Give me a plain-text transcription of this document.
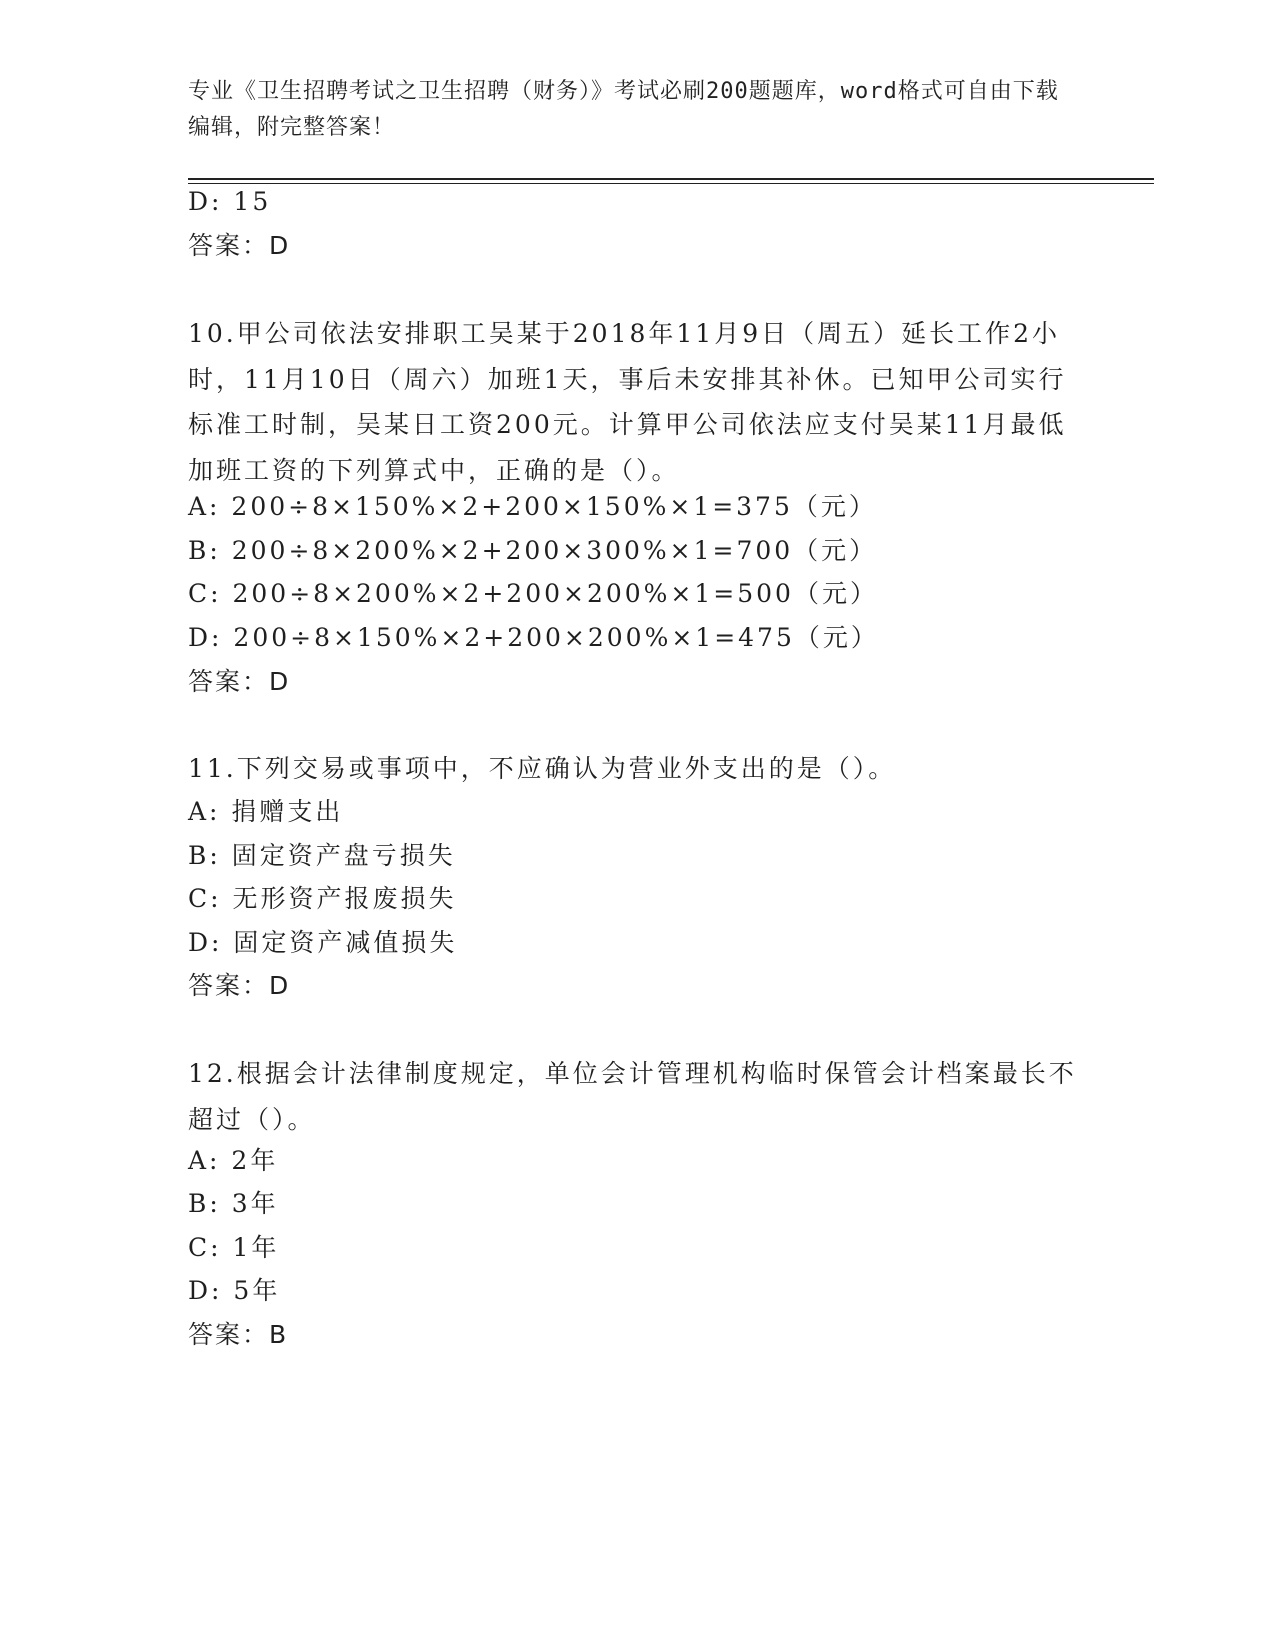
专业《卫生招聘考试之卫生招聘（财务）》考试必刷200题题库，word格式可自由下载编辑，附完整答案！
D: 15
答案：D
10.甲公司依法安排职工吴某于2018年11月9日（周五）延长工作2小时，11月10日（周六）加班1天，事后未安排其补休。已知甲公司实行标准工时制，吴某日工资200元。计算甲公司依法应支付吴某11月最低加班工资的下列算式中，正确的是（）。
A: 200÷8×150%×2+200×150%×1=375（元）
B: 200÷8×200%×2+200×300%×1=700（元）
C: 200÷8×200%×2+200×200%×1=500（元）
D: 200÷8×150%×2+200×200%×1=475（元）
答案：D
11.下列交易或事项中，不应确认为营业外支出的是（）。
A: 捐赠支出
B: 固定资产盘亏损失
C: 无形资产报废损失
D: 固定资产减值损失
答案：D
12.根据会计法律制度规定，单位会计管理机构临时保管会计档案最长不超过（）。
A: 2年
B: 3年
C: 1年
D: 5年
答案：B
